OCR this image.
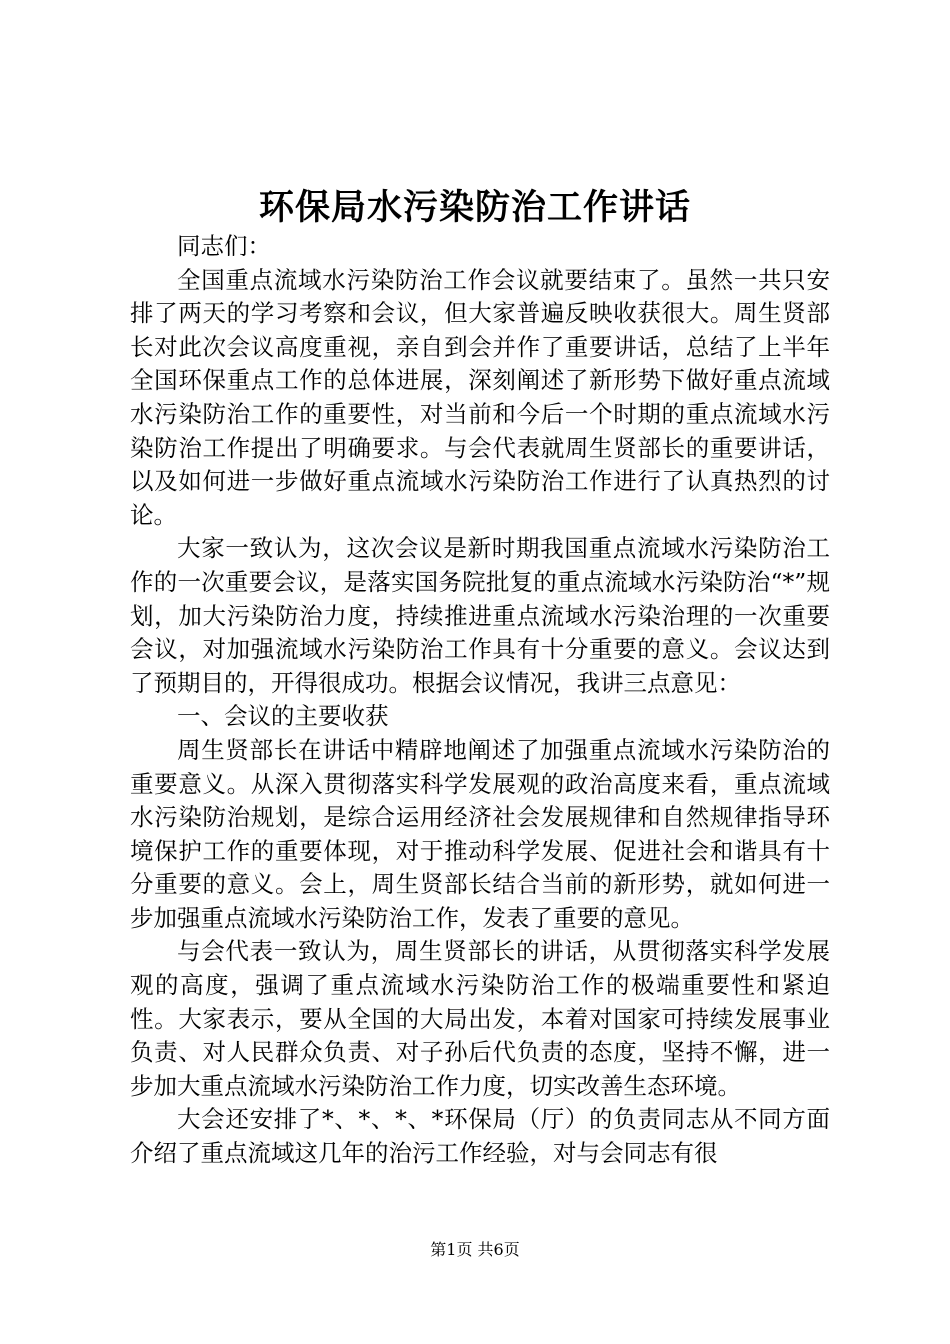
环保局水污染防治工作讲话

同志们：

全国重点流域水污染防治工作会议就要结束了。虽然一共只安排了两天的学习考察和会议，但大家普遍反映收获很大。周生贤部长对此次会议高度重视，亲自到会并作了重要讲话，总结了上半年全国环保重点工作的总体进展，深刻阐述了新形势下做好重点流域水污染防治工作的重要性，对当前和今后一个时期的重点流域水污染防治工作提出了明确要求。与会代表就周生贤部长的重要讲话，以及如何进一步做好重点流域水污染防治工作进行了认真热烈的讨论。

大家一致认为，这次会议是新时期我国重点流域水污染防治工作的一次重要会议，是落实国务院批复的重点流域水污染防治“*”规划，加大污染防治力度，持续推进重点流域水污染治理的一次重要会议，对加强流域水污染防治工作具有十分重要的意义。会议达到了预期目的，开得很成功。根据会议情况，我讲三点意见：

一、会议的主要收获

周生贤部长在讲话中精辟地阐述了加强重点流域水污染防治的重要意义。从深入贯彻落实科学发展观的政治高度来看，重点流域水污染防治规划，是综合运用经济社会发展规律和自然规律指导环境保护工作的重要体现，对于推动科学发展、促进社会和谐具有十分重要的意义。会上，周生贤部长结合当前的新形势，就如何进一步加强重点流域水污染防治工作，发表了重要的意见。

与会代表一致认为，周生贤部长的讲话，从贯彻落实科学发展观的高度，强调了重点流域水污染防治工作的极端重要性和紧迫性。大家表示，要从全国的大局出发，本着对国家可持续发展事业负责、对人民群众负责、对子孙后代负责的态度，坚持不懈，进一步加大重点流域水污染防治工作力度，切实改善生态环境。

大会还安排了*、*、*、*环保局（厅）的负责同志从不同方面介绍了重点流域这几年的治污工作经验，对与会同志有很

第1页 共6页
